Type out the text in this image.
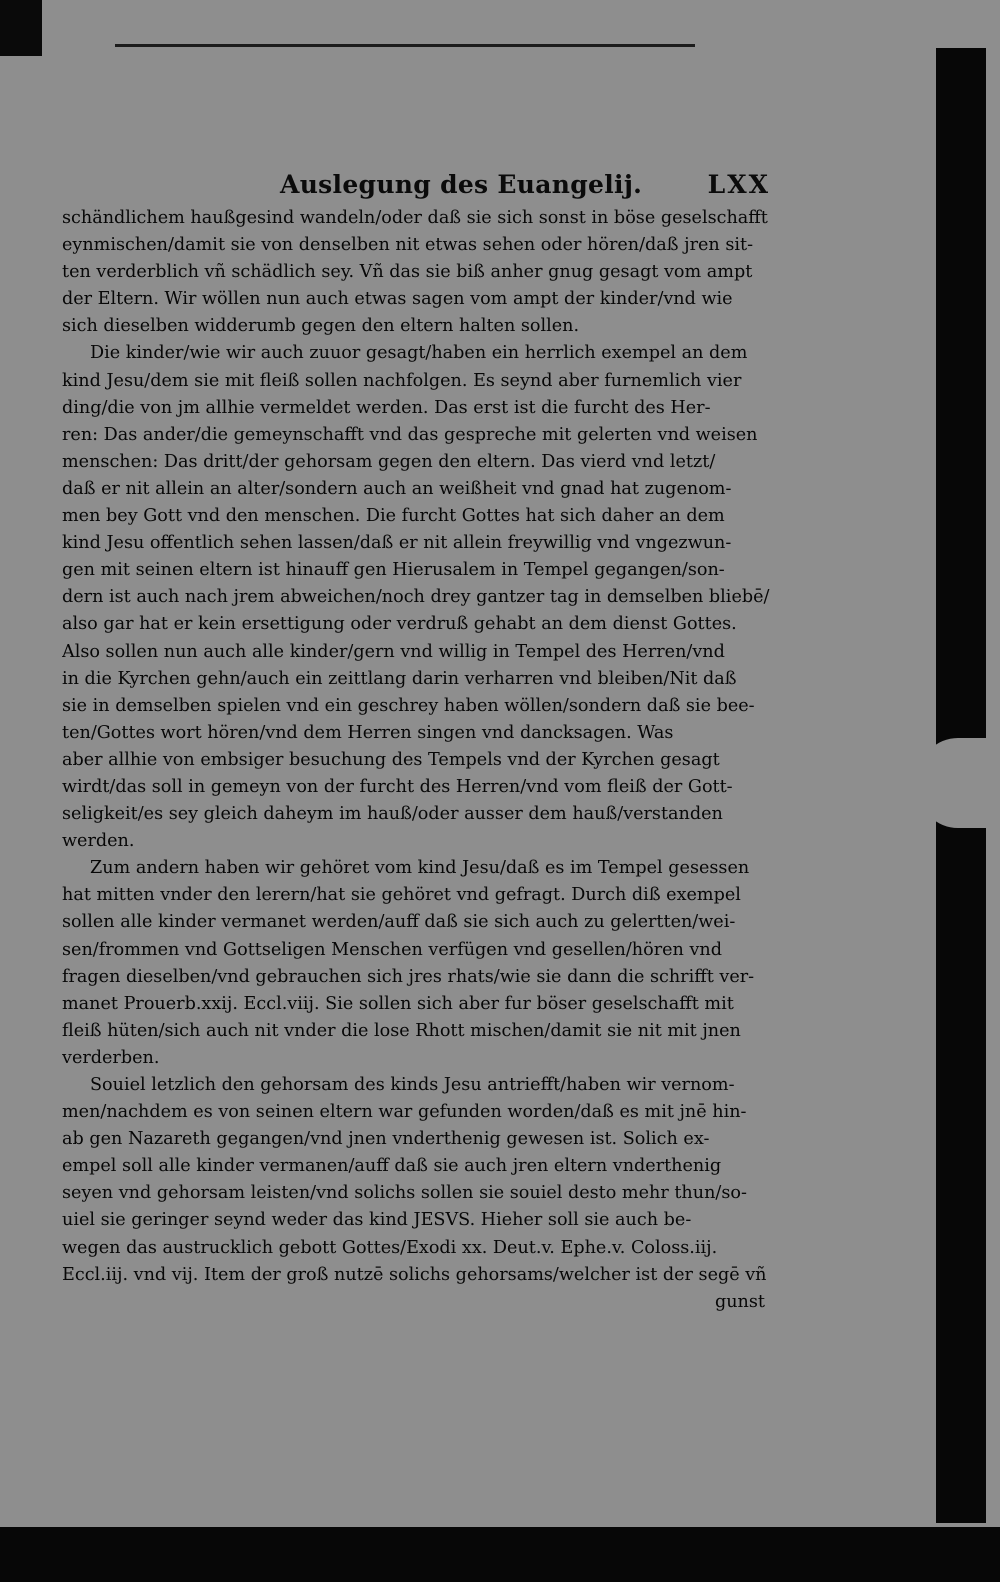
Auslegung des Euangelij.	LXX
schändlichem haußgesind wandeln/oder daß sie sich sonst in böse geselschafft
eynmischen/damit sie von denselben nit etwas sehen oder hören/daß jren sit-
ten verderblich vñ schädlich sey. Vñ das sie biß anher gnug gesagt vom ampt
der Eltern. Wir wöllen nun auch etwas sagen vom ampt der kinder/vnd wie
sich dieselben widderumb gegen den eltern halten sollen.
Die kinder/wie wir auch zuuor gesagt/haben ein herrlich exempel an dem
kind Jesu/dem sie mit fleiß sollen nachfolgen. Es seynd aber furnemlich vier
ding/die von jm allhie vermeldet werden. Das erst ist die furcht des Her-
ren: Das ander/die gemeynschafft vnd das gespreche mit gelerten vnd weisen
menschen: Das dritt/der gehorsam gegen den eltern. Das vierd vnd letzt/
daß er nit allein an alter/sondern auch an weißheit vnd gnad hat zugenom-
men bey Gott vnd den menschen. Die furcht Gottes hat sich daher an dem
kind Jesu offentlich sehen lassen/daß er nit allein freywillig vnd vngezwun-
gen mit seinen eltern ist hinauff gen Hierusalem in Tempel gegangen/son-
dern ist auch nach jrem abweichen/noch drey gantzer tag in demselben bliebē/
also gar hat er kein ersettigung oder verdruß gehabt an dem dienst Gottes.
Also sollen nun auch alle kinder/gern vnd willig in Tempel des Herren/vnd
in die Kyrchen gehn/auch ein zeittlang darin verharren vnd bleiben/Nit daß
sie in demselben spielen vnd ein geschrey haben wöllen/sondern daß sie bee-
ten/Gottes wort hören/vnd dem Herren singen vnd dancksagen. Was
aber allhie von embsiger besuchung des Tempels vnd der Kyrchen gesagt
wirdt/das soll in gemeyn von der furcht des Herren/vnd vom fleiß der Gott-
seligkeit/es sey gleich daheym im hauß/oder ausser dem hauß/verstanden
werden.
Zum andern haben wir gehöret vom kind Jesu/daß es im Tempel gesessen
hat mitten vnder den lerern/hat sie gehöret vnd gefragt. Durch diß exempel
sollen alle kinder vermanet werden/auff daß sie sich auch zu gelertten/wei-
sen/frommen vnd Gottseligen Menschen verfügen vnd gesellen/hören vnd
fragen dieselben/vnd gebrauchen sich jres rhats/wie sie dann die schrifft ver-
manet Prouerb.xxij. Eccl.viij. Sie sollen sich aber fur böser geselschafft mit
fleiß hüten/sich auch nit vnder die lose Rhott mischen/damit sie nit mit jnen
verderben.
Souiel letzlich den gehorsam des kinds Jesu antriefft/haben wir vernom-
men/nachdem es von seinen eltern war gefunden worden/daß es mit jnē hin-
ab gen Nazareth gegangen/vnd jnen vnderthenig gewesen ist. Solich ex-
empel soll alle kinder vermanen/auff daß sie auch jren eltern vnderthenig
seyen vnd gehorsam leisten/vnd solichs sollen sie souiel desto mehr thun/so-
uiel sie geringer seynd weder das kind JESVS. Hieher soll sie auch be-
wegen das austrucklich gebott Gottes/Exodi xx. Deut.v. Ephe.v. Coloss.iij.
Eccl.iij. vnd vij. Item der groß nutzē solichs gehorsams/welcher ist der segē vñ
gunst
